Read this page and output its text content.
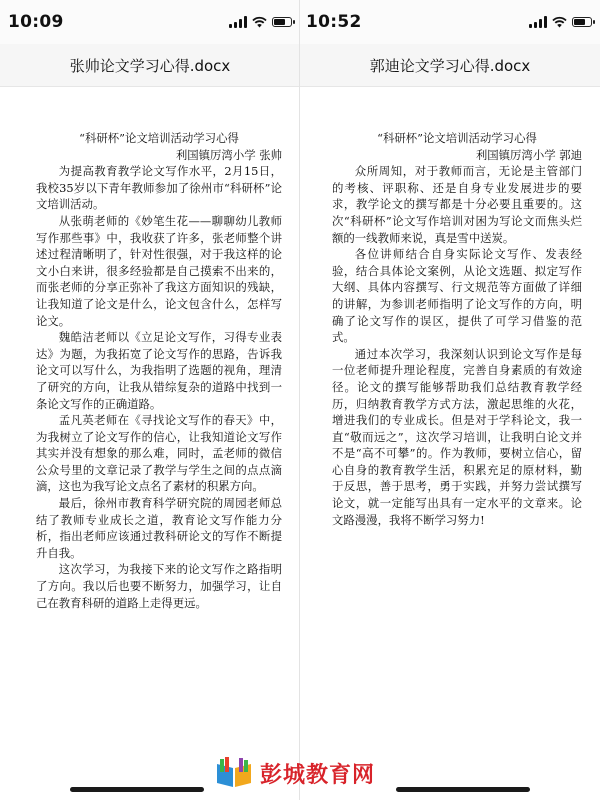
10:09
张帅论文学习心得.docx

“科研杯”论文培训活动学习心得

利国镇厉湾小学 张帅

为提高教育教学论文写作水平，2月15日，我校35岁以下青年教师参加了徐州市“科研杯”论文培训活动。

从张萌老师的《妙笔生花——聊聊幼儿教师写作那些事》中，我收获了许多，张老师整个讲述过程清晰明了，针对性很强，对于我这样的论文小白来讲，很多经验都是自己摸索不出来的，而张老师的分享正弥补了我这方面知识的残缺，让我知道了论文是什么，论文包含什么，怎样写论文。

魏皓洁老师以《立足论文写作，习得专业表达》为题，为我拓宽了论文写作的思路，告诉我论文可以写什么，为我指明了选题的视角，理清了研究的方向，让我从错综复杂的道路中找到一条论文写作的正确道路。

孟凡英老师在《寻找论文写作的春天》中，为我树立了论文写作的信心，让我知道论文写作其实并没有想象的那么难，同时，孟老师的微信公众号里的文章记录了教学与学生之间的点点滴滴，这也为我写论文点名了素材的积累方向。

最后，徐州市教育科学研究院的周园老师总结了教师专业成长之道，教育论文写作能力分析，指出老师应该通过教科研论文的写作不断提升自我。

这次学习，为我接下来的论文写作之路指明了方向。我以后也要不断努力，加强学习，让自己在教育科研的道路上走得更远。

10:52
郭迪论文学习心得.docx

“科研杯”论文培训活动学习心得

利国镇厉湾小学 郭迪

众所周知，对于教师而言，无论是主管部门的考核、评职称、还是自身专业发展进步的要求，教学论文的撰写都是十分必要且重要的。这次“科研杯”论文写作培训对困为写论文而焦头烂额的一线教师来说，真是雪中送炭。

各位讲师结合自身实际论文写作、发表经验，结合具体论文案例，从论文选题、拟定写作大纲、具体内容撰写、行文规范等方面做了详细的讲解，为参训老师指明了论文写作的方向，明确了论文写作的误区，提供了可学习借鉴的范式。

通过本次学习，我深刻认识到论文写作是每一位老师提升理论程度，完善自身素质的有效途径。论文的撰写能够帮助我们总结教育教学经历，归纳教育教学方式方法，激起思维的火花，增进我们的专业成长。但是对于学科论文，我一直“敬而远之”，这次学习培训，让我明白论文并不是“高不可攀”的。作为教师，要树立信心，留心自身的教育教学生活，积累充足的原材料，勤于反思，善于思考，勇于实践，并努力尝试撰写论文，就一定能写出具有一定水平的文章来。论文路漫漫，我将不断学习努力!

彭城教育网
